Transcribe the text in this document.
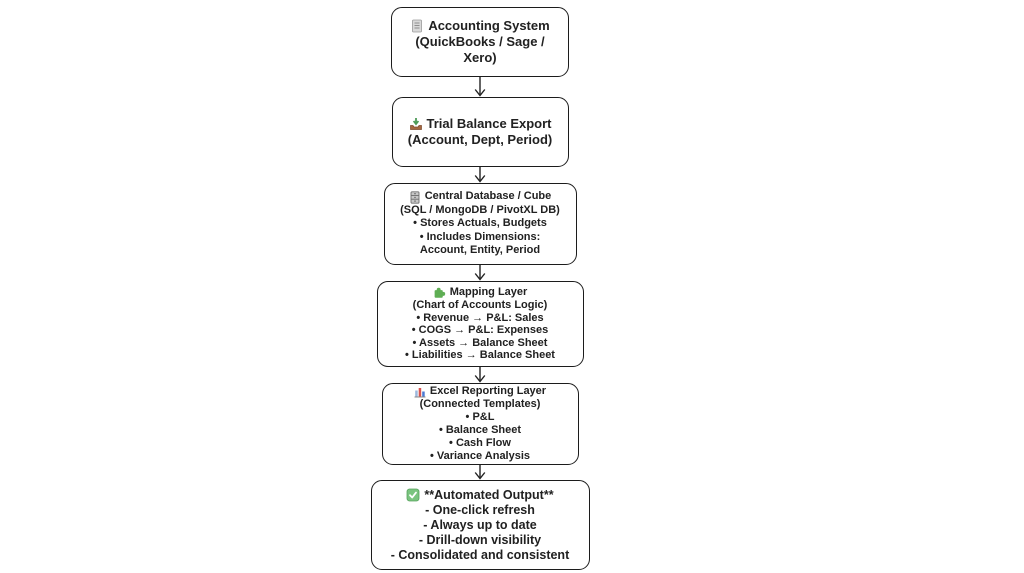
Accounting System
(QuickBooks / Sage /
Xero)
Trial Balance Export
(Account, Dept, Period)
Central Database / Cube
(SQL / MongoDB / PivotXL DB)
• Stores Actuals, Budgets
• Includes Dimensions:
Account, Entity, Period
Mapping Layer
(Chart of Accounts Logic)
• Revenue → P&L: Sales
• COGS → P&L: Expenses
• Assets → Balance Sheet
• Liabilities → Balance Sheet
Excel Reporting Layer
(Connected Templates)
• P&L
• Balance Sheet
• Cash Flow
• Variance Analysis
**Automated Output**
- One-click refresh
- Always up to date
- Drill-down visibility
- Consolidated and consistent
